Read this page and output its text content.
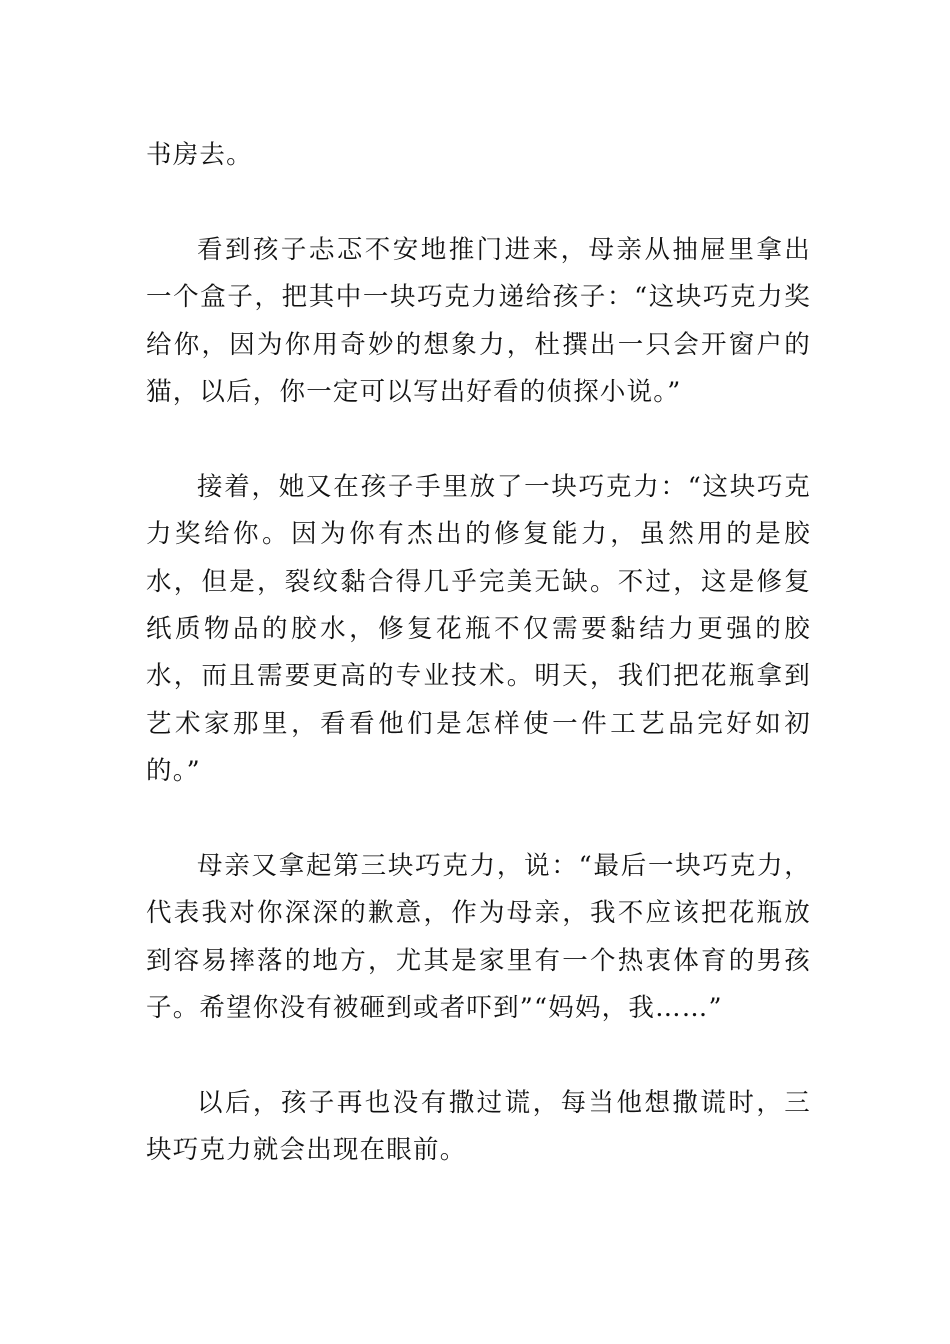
书房去。

看到孩子忐忑不安地推门进来，母亲从抽屉里拿出一个盒子，把其中一块巧克力递给孩子：“这块巧克力奖给你，因为你用奇妙的想象力，杜撰出一只会开窗户的猫，以后，你一定可以写出好看的侦探小说。”

接着，她又在孩子手里放了一块巧克力：“这块巧克力奖给你。因为你有杰出的修复能力，虽然用的是胶水，但是，裂纹黏合得几乎完美无缺。不过，这是修复纸质物品的胶水，修复花瓶不仅需要黏结力更强的胶水，而且需要更高的专业技术。明天，我们把花瓶拿到艺术家那里，看看他们是怎样使一件工艺品完好如初的。”

母亲又拿起第三块巧克力，说：“最后一块巧克力，代表我对你深深的歉意，作为母亲，我不应该把花瓶放到容易摔落的地方，尤其是家里有一个热衷体育的男孩子。希望你没有被砸到或者吓到”“妈妈，我……”

以后，孩子再也没有撒过谎，每当他想撒谎时，三块巧克力就会出现在眼前。
